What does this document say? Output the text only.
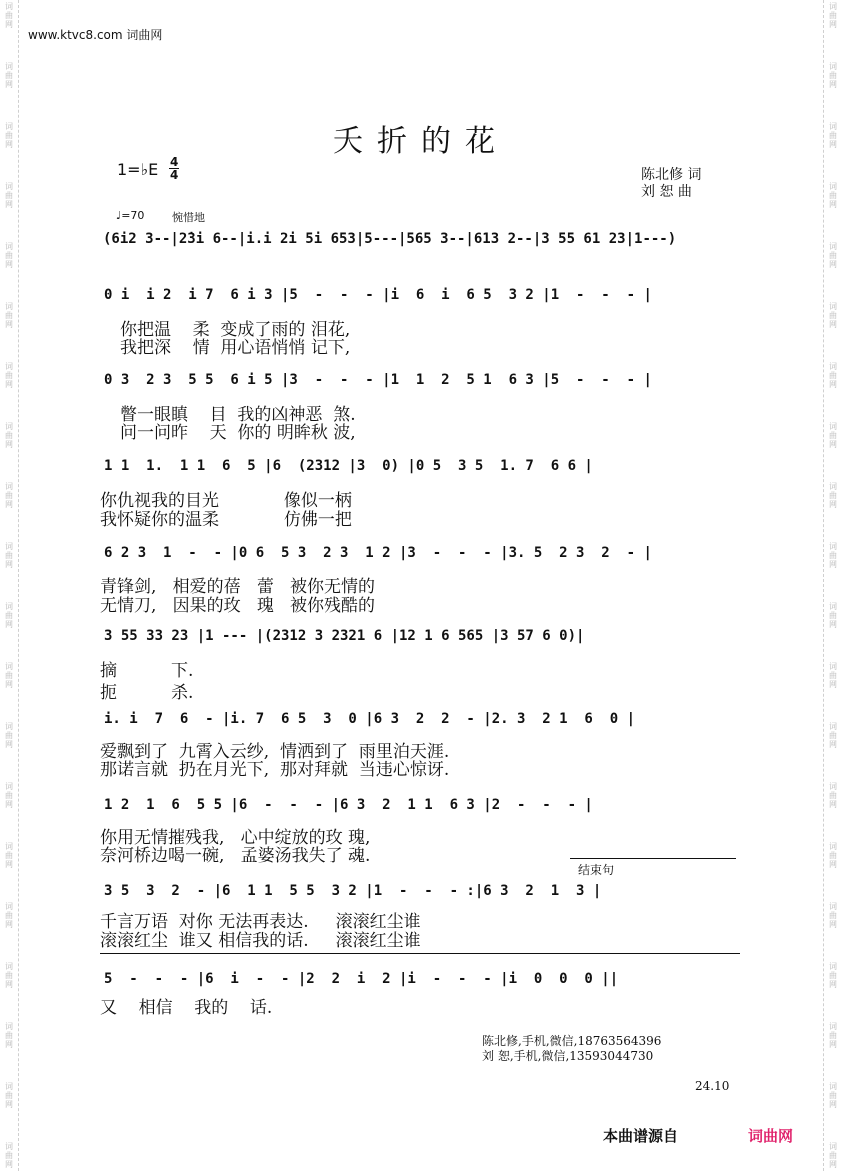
词
曲
网
词
曲
网
词
曲
网
词
曲
网
词
曲
网
词
曲
网
词
曲
网
词
曲
网
词
曲
网
词
曲
网
词
曲
网
词
曲
网
词
曲
网
词
曲
网
词
曲
网
词
曲
网
词
曲
网
词
曲
网
词
曲
网
词
曲
网
词
曲
网
词
曲
网
词
曲
网
词
曲
网
词
曲
网
词
曲
网
词
曲
网
词
曲
网
词
曲
网
词
曲
网
词
曲
网
词
曲
网
词
曲
网
词
曲
网
词
曲
网
词
曲
网
词
曲
网
词
曲
网
词
曲
网
词
曲
网
www.ktvc8.com 词曲网
夭折的花
1=♭E $\frac{4}{4}$	陈北修 词
刘 恕 曲
♩=70	惋惜地
(6i2 3--|2̇3i 6--|i.i 2i 5i 653|5---|565 3--|613 2--|3 55 61 23|1---)
0 i  i 2  i 7  6 i 3 |5  -  -  - |i  6  i  6 5  3 2 |1  -  -  - |
你把温    柔  变成了雨的 泪花,
我把深    情  用心语悄悄 记下,
0 3  2 3  5 5  6 i 5 |3  -  -  - |1  1  2  5 1  6 3 |5  -  -  - |
瞥一眼瞋    目  我的凶神恶  煞.
问一问昨    天  你的 明眸秋 波,
1 1  1.  1 1  6  5 |6  (2312 |3  0) |0 5  3 5  1. 7  6 6 |
你仇视我的目光            像似一柄
我怀疑你的温柔            仿佛一把
6 2 3  1  -  - |0 6  5 3  2 3  1 2 |3  -  -  - |3. 5  2 3  2  - |
青锋剑,   相爱的蓓   蕾   被你无情的
无情刀,   因果的玫   瑰   被你残酷的
3 55 33 23 |1 --- |(2312 3 2321 6 |12 1 6 565 |3 57 6 0)|
摘          下.
扼          杀.
i. i  7  6  - |i. 7  6 5  3  0 |6 3  2  2  - |2. 3  2 1  6  0 |
爱飘到了  九霄入云纱,  情洒到了  雨里泊天涯.
那诺言就  扔在月光下,  那对拜就  当违心惊讶.
1 2  1  6  5 5 |6  -  -  - |6 3  2  1 1  6 3 |2  -  -  - |
你用无情摧残我,   心中绽放的玫 瑰,
奈河桥边喝一碗,   孟婆汤我失了 魂.
结束句
3 5  3  2  - |6  1 1  5 5  3 2 |1  -  -  - :|6 3  2  1  3 |
千言万语  对你 无法再表达.     滚滚红尘谁
滚滚红尘  谁又 相信我的话.     滚滚红尘谁
5  -  -  - |6  i  -  - |2  2  i  2 |i  -  -  - |i  0  0  0 ||
又    相信    我的    话.
陈北修,手机,微信,18763564396
刘 恕,手机,微信,13593044730
24.10
本曲谱源自	词曲网
